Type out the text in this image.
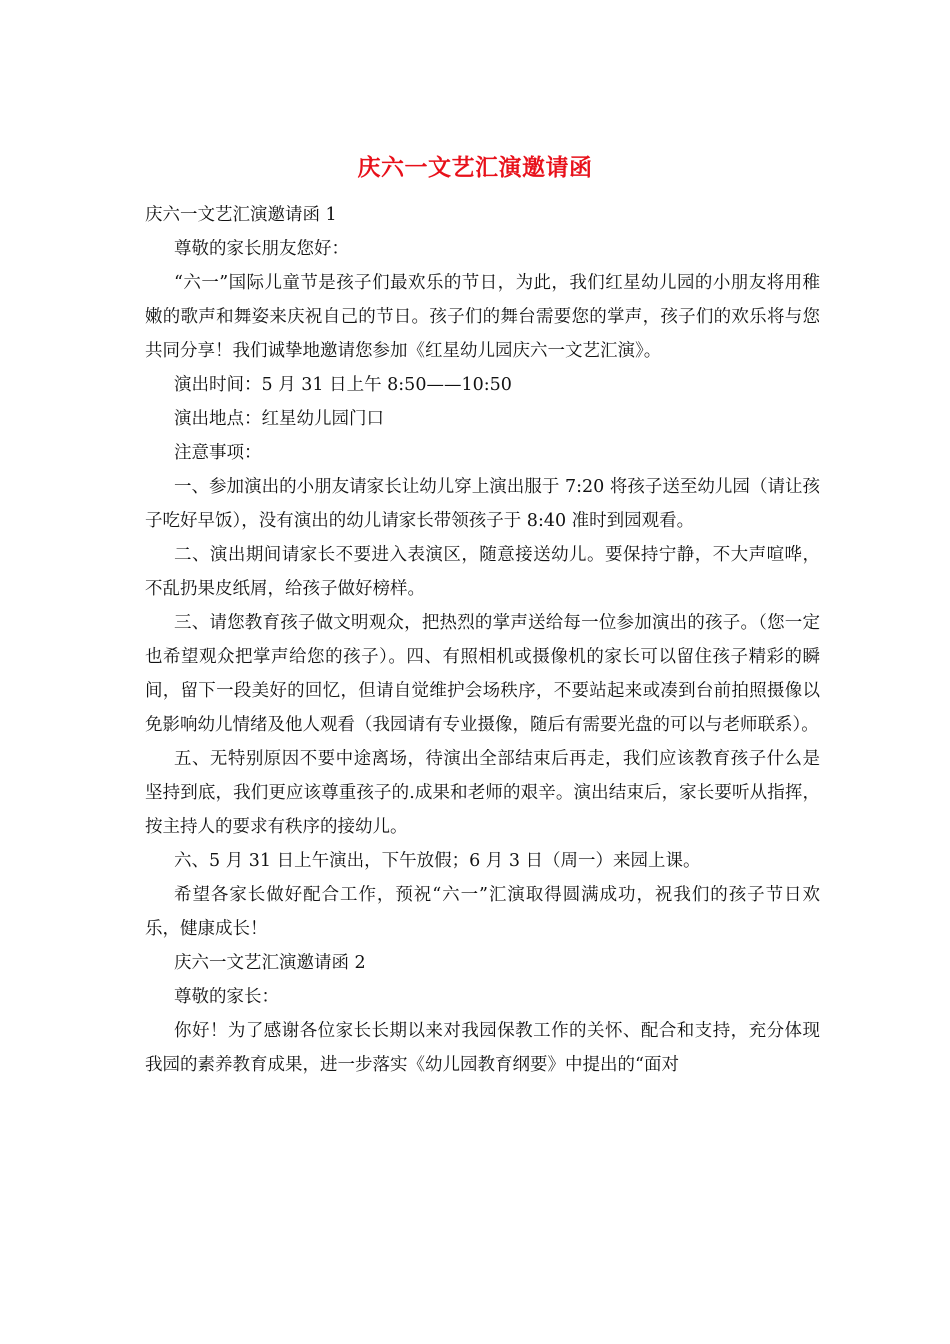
庆六一文艺汇演邀请函

庆六一文艺汇演邀请函 1

尊敬的家长朋友您好：

“六一”国际儿童节是孩子们最欢乐的节日，为此，我们红星幼儿园的小朋友将用稚嫩的歌声和舞姿来庆祝自己的节日。孩子们的舞台需要您的掌声，孩子们的欢乐将与您共同分享！我们诚挚地邀请您参加《红星幼儿园庆六一文艺汇演》。

演出时间：5 月 31 日上午 8:50——10:50

演出地点：红星幼儿园门口

注意事项：

一、参加演出的小朋友请家长让幼儿穿上演出服于 7:20 将孩子送至幼儿园（请让孩子吃好早饭），没有演出的幼儿请家长带领孩子于 8:40 准时到园观看。

二、演出期间请家长不要进入表演区，随意接送幼儿。要保持宁静，不大声喧哗，不乱扔果皮纸屑，给孩子做好榜样。

三、请您教育孩子做文明观众，把热烈的掌声送给每一位参加演出的孩子。（您一定也希望观众把掌声给您的孩子）。四、有照相机或摄像机的家长可以留住孩子精彩的瞬间，留下一段美好的回忆，但请自觉维护会场秩序，不要站起来或凑到台前拍照摄像以免影响幼儿情绪及他人观看（我园请有专业摄像，随后有需要光盘的可以与老师联系）。

五、无特别原因不要中途离场，待演出全部结束后再走，我们应该教育孩子什么是坚持到底，我们更应该尊重孩子的.成果和老师的艰辛。演出结束后，家长要听从指挥，按主持人的要求有秩序的接幼儿。

六、5 月 31 日上午演出，下午放假；6 月 3 日（周一）来园上课。

希望各家长做好配合工作，预祝“六一”汇演取得圆满成功，祝我们的孩子节日欢乐，健康成长！

庆六一文艺汇演邀请函 2

尊敬的家长：

你好！为了感谢各位家长长期以来对我园保教工作的关怀、配合和支持，充分体现我园的素养教育成果，进一步落实《幼儿园教育纲要》中提出的“面对
